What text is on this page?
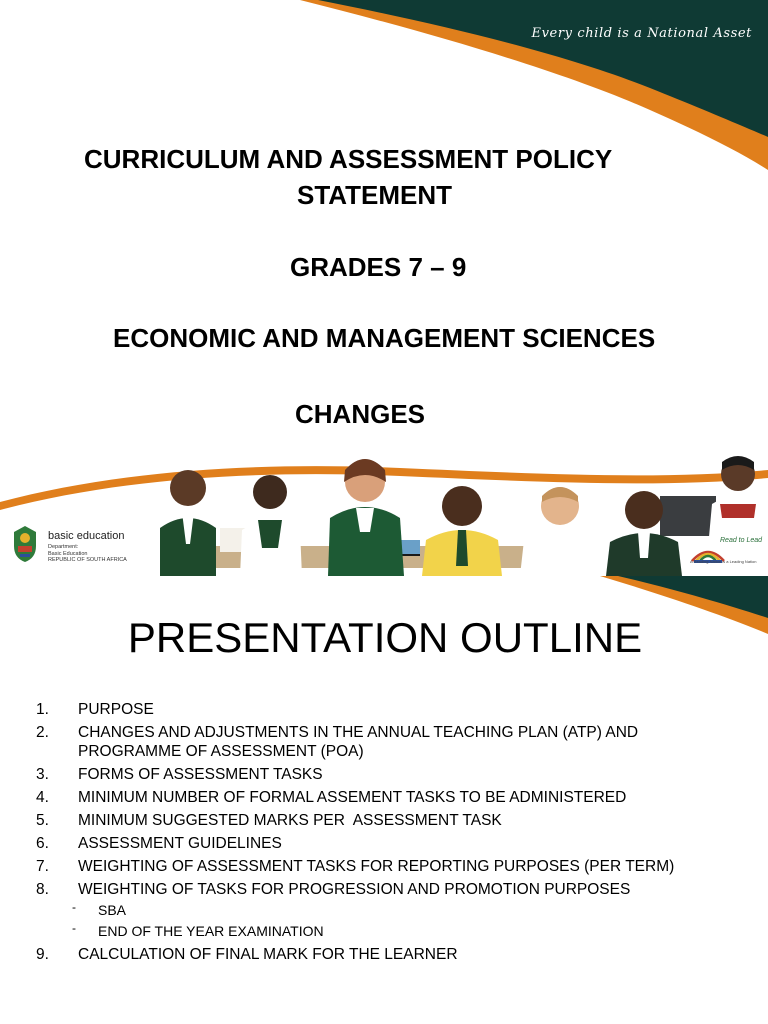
Every child is a National Asset
CURRICULUM AND ASSESSMENT POLICY
STATEMENT
GRADES 7 – 9
ECONOMIC AND MANAGEMENT SCIENCES
CHANGES
basic education
Department:
Basic Education
REPUBLIC OF SOUTH AFRICA
Read to Lead
A Reading Nation is a Leading Nation
PRESENTATION OUTLINE
1.	PURPOSE
2.	CHANGES AND ADJUSTMENTS IN THE ANNUAL TEACHING PLAN (ATP) AND PROGRAMME OF ASSESSMENT (POA)
3.	FORMS OF ASSESSMENT TASKS
4.	MINIMUM NUMBER OF FORMAL ASSEMENT TASKS TO BE ADMINISTERED
5.	MINIMUM SUGGESTED MARKS PER  ASSESSMENT TASK
6.	ASSESSMENT GUIDELINES
7.	WEIGHTING OF ASSESSMENT TASKS FOR REPORTING PURPOSES (PER TERM)
8.	WEIGHTING OF TASKS FOR PROGRESSION AND PROMOTION PURPOSES
- SBA
- END OF THE YEAR EXAMINATION
9.	CALCULATION OF FINAL MARK FOR THE LEARNER
